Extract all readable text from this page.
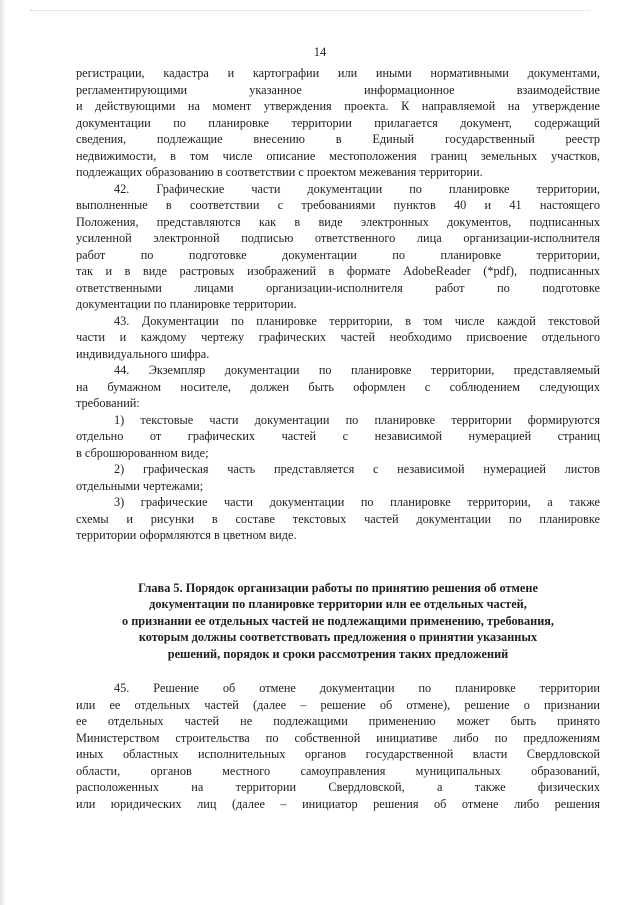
14
регистрации, кадастра и картографии или иными нормативными документами,
регламентирующими указанное информационное взаимодействие
и действующими на момент утверждения проекта. К направляемой на утверждение
документации по планировке территории прилагается документ, содержащий
сведения, подлежащие внесению в Единый государственный реестр
недвижимости, в том числе описание местоположения границ земельных участков,
подлежащих образованию в соответствии с проектом межевания территории.
42. Графические части документации по планировке территории,
выполненные в соответствии с требованиями пунктов 40 и 41 настоящего
Положения, представляются как в виде электронных документов, подписанных
усиленной электронной подписью ответственного лица организации-исполнителя
работ по подготовке документации по планировке территории,
так и в виде растровых изображений в формате AdobeReader (*pdf), подписанных
ответственными лицами организации-исполнителя работ по подготовке
документации по планировке территории.
43. Документации по планировке территории, в том числе каждой текстовой
части и каждому чертежу графических частей необходимо присвоение отдельного
индивидуального шифра.
44. Экземпляр документации по планировке территории, представляемый
на бумажном носителе, должен быть оформлен с соблюдением следующих
требований:
1) текстовые части документации по планировке территории формируются
отдельно от графических частей с независимой нумерацией страниц
в сброшюрованном виде;
2) графическая часть представляется с независимой нумерацией листов
отдельными чертежами;
3) графические части документации по планировке территории, а также
схемы и рисунки в составе текстовых частей документации по планировке
территории оформляются в цветном виде.
Глава 5. Порядок организации работы по принятию решения об отмене
документации по планировке территории или ее отдельных частей,
о признании ее отдельных частей не подлежащими применению, требования,
которым должны соответствовать предложения о принятии указанных
решений, порядок и сроки рассмотрения таких предложений
45. Решение об отмене документации по планировке территории
или ее отдельных частей (далее – решение об отмене), решение о признании
ее отдельных частей не подлежащими применению может быть принято
Министерством строительства по собственной инициативе либо по предложениям
иных областных исполнительных органов государственной власти Свердловской
области, органов местного самоуправления муниципальных образований,
расположенных на территории Свердловской, а также физических
или юридических лиц (далее – инициатор решения об отмене либо решения
